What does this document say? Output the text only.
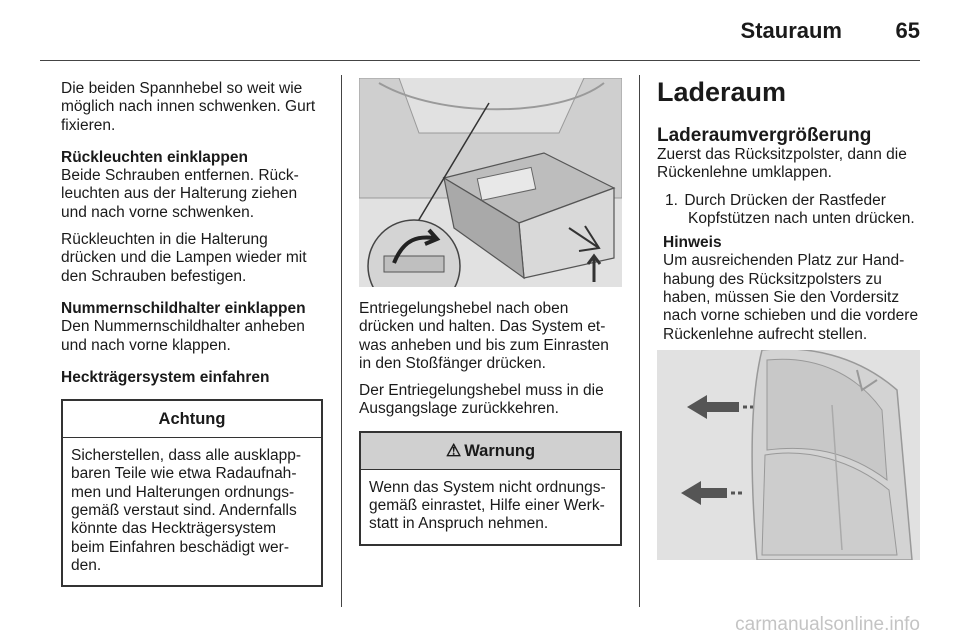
Stauraum 65

Die beiden Spannhebel so weit wie möglich nach innen schwenken. Gurt fixieren.

Rückleuchten einklappen
Beide Schrauben entfernen. Rückleuchten aus der Halterung ziehen und nach vorne schwenken.

Rückleuchten in die Halterung drücken und die Lampen wieder mit den Schrauben befestigen.

Nummernschildhalter einklappen
Den Nummernschildhalter anheben und nach vorne klappen.

Heckträgersystem einfahren

Achtung
Sicherstellen, dass alle ausklappbaren Teile wie etwa Radaufnahmen und Halterungen ordnungsgemäß verstaut sind. Andernfalls könnte das Heckträgersystem beim Einfahren beschädigt werden.

Entriegelungshebel nach oben drücken und halten. Das System etwas anheben und bis zum Einrasten in den Stoßfänger drücken.

Der Entriegelungshebel muss in die Ausgangslage zurückkehren.

⚠ Warnung
Wenn das System nicht ordnungsgemäß einrastet, Hilfe einer Werkstatt in Anspruch nehmen.
Laderaum
Laderaumvergrößerung

Zuerst das Rücksitzpolster, dann die Rückenlehne umklappen.

1. Durch Drücken der Rastfeder
Kopfstützen nach unten drücken.
Hinweis
Um ausreichenden Platz zur Handhabung des Rücksitzpolsters zu haben, müssen Sie den Vordersitz nach vorne schieben und die vordere Rückenlehne aufrecht stellen.
carmanualsonline.info
